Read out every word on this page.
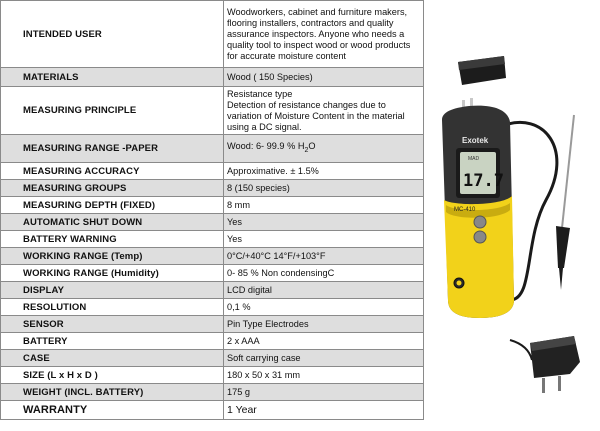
INTENDED USER	Woodworkers, cabinet and furniture makers, flooring installers, contractors and quality assurance inspectors. Anyone who needs a quality tool to inspect wood or wood products for accurate moisture content
MATERIALS	Wood ( 150 Species)
MEASURING PRINCIPLE	Resistance type
Detection of resistance changes due to variation of Moisture Content in the material using a DC signal.
MEASURING RANGE -PAPER	Wood: 6- 99.9 % $H_2O$
MEASURING ACCURACY	Approximative. ± 1.5%
MEASURING GROUPS	8 (150 species)
MEASURING DEPTH (FIXED)	8 mm
AUTOMATIC SHUT DOWN	Yes
BATTERY WARNING	Yes
WORKING RANGE (Temp)	0°C/+40°C 14°F/+103°F
WORKING RANGE (Humidity)	0- 85 % Non condensingC
DISPLAY	LCD digital
RESOLUTION	0,1 %
SENSOR	Pin Type Electrodes
BATTERY	2 x AAA
CASE	Soft carrying case
SIZE (L x H x D )	180 x 50 x 31 mm
WEIGHT (INCL. BATTERY)	175 g
WARRANTY	1 Year
Exotek
MAD
17.7
MC-410
